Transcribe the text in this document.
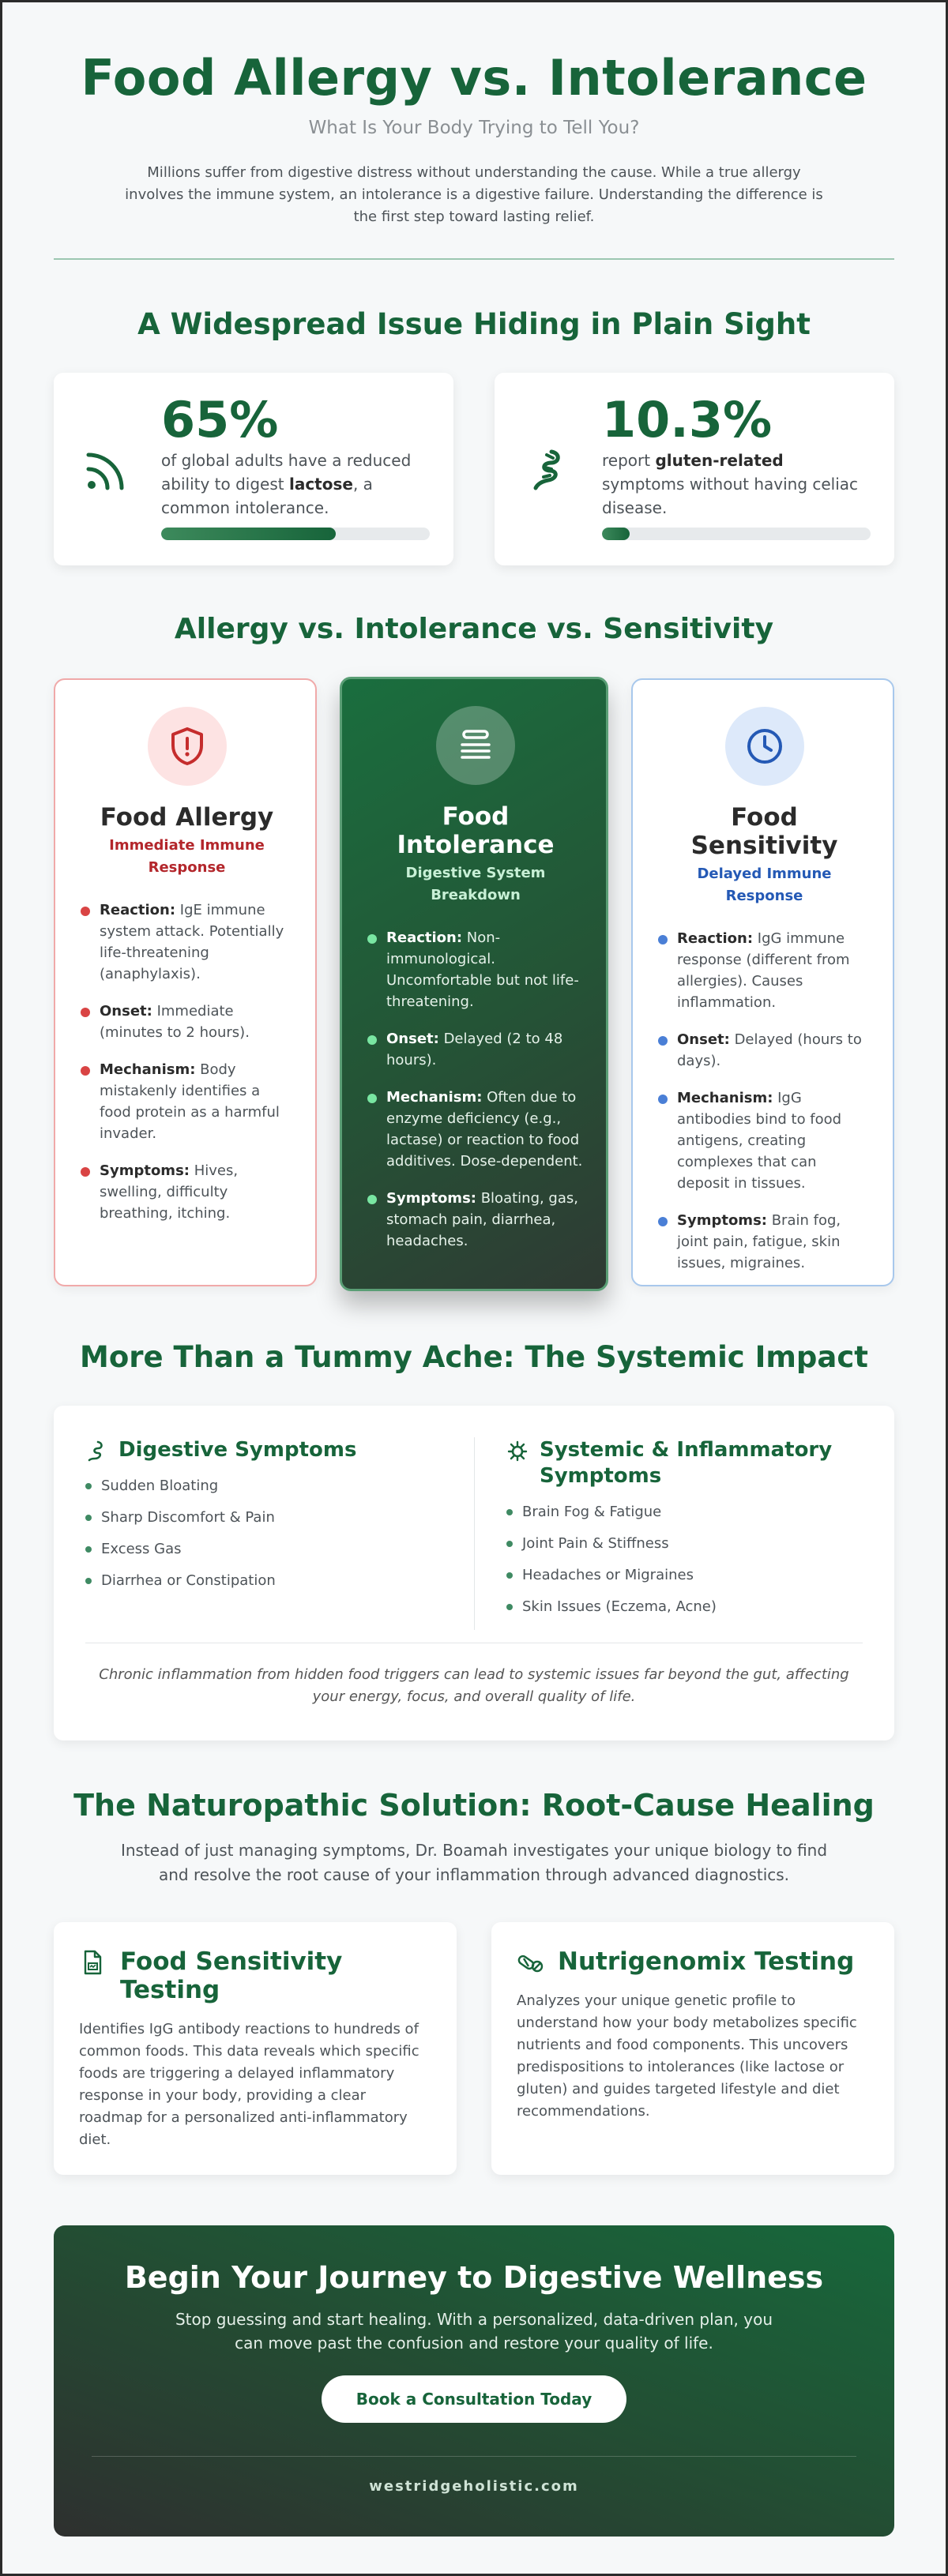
Food Allergy vs. Intolerance
What Is Your Body Trying to Tell You?

Millions suffer from digestive distress without understanding the cause. While a true allergy involves the immune system, an intolerance is a digestive failure. Understanding the difference is the first step toward lasting relief.

A Widespread Issue Hiding in Plain Sight
65%
of global adults have a reduced ability to digest lactose, a common intolerance.
10.3%
report gluten-related symptoms without having celiac disease.
Allergy vs. Intolerance vs. Sensitivity
Food Allergy
Immediate Immune Response
Reaction: IgE immune system attack. Potentially life-threatening (anaphylaxis).
Onset: Immediate (minutes to 2 hours).
Mechanism: Body mistakenly identifies a food protein as a harmful invader.
Symptoms: Hives, swelling, difficulty breathing, itching.
Food Intolerance
Digestive System Breakdown
Reaction: Non-immunological. Uncomfortable but not life-threatening.
Onset: Delayed (2 to 48 hours).
Mechanism: Often due to enzyme deficiency (e.g., lactase) or reaction to food additives. Dose-dependent.
Symptoms: Bloating, gas, stomach pain, diarrhea, headaches.
Food Sensitivity
Delayed Immune Response
Reaction: IgG immune response (different from allergies). Causes inflammation.
Onset: Delayed (hours to days).
Mechanism: IgG antibodies bind to food antigens, creating complexes that can deposit in tissues.
Symptoms: Brain fog, joint pain, fatigue, skin issues, migraines.
More Than a Tummy Ache: The Systemic Impact
Digestive Symptoms
Sudden Bloating
Sharp Discomfort & Pain
Excess Gas
Diarrhea or Constipation
Systemic & Inflammatory Symptoms
Brain Fog & Fatigue
Joint Pain & Stiffness
Headaches or Migraines
Skin Issues (Eczema, Acne)

Chronic inflammation from hidden food triggers can lead to systemic issues far beyond the gut, affecting your energy, focus, and overall quality of life.

The Naturopathic Solution: Root-Cause Healing

Instead of just managing symptoms, Dr. Boamah investigates your unique biology to find and resolve the root cause of your inflammation through advanced diagnostics.

Food Sensitivity Testing

Identifies IgG antibody reactions to hundreds of common foods. This data reveals which specific foods are triggering a delayed inflammatory response in your body, providing a clear roadmap for a personalized anti-inflammatory diet.

Nutrigenomix Testing

Analyzes your unique genetic profile to understand how your body metabolizes specific nutrients and food components. This uncovers predispositions to intolerances (like lactose or gluten) and guides targeted lifestyle and diet recommendations.

Begin Your Journey to Digestive Wellness

Stop guessing and start healing. With a personalized, data-driven plan, you can move past the confusion and restore your quality of life.

Book a Consultation Today
westridgeholistic.com
